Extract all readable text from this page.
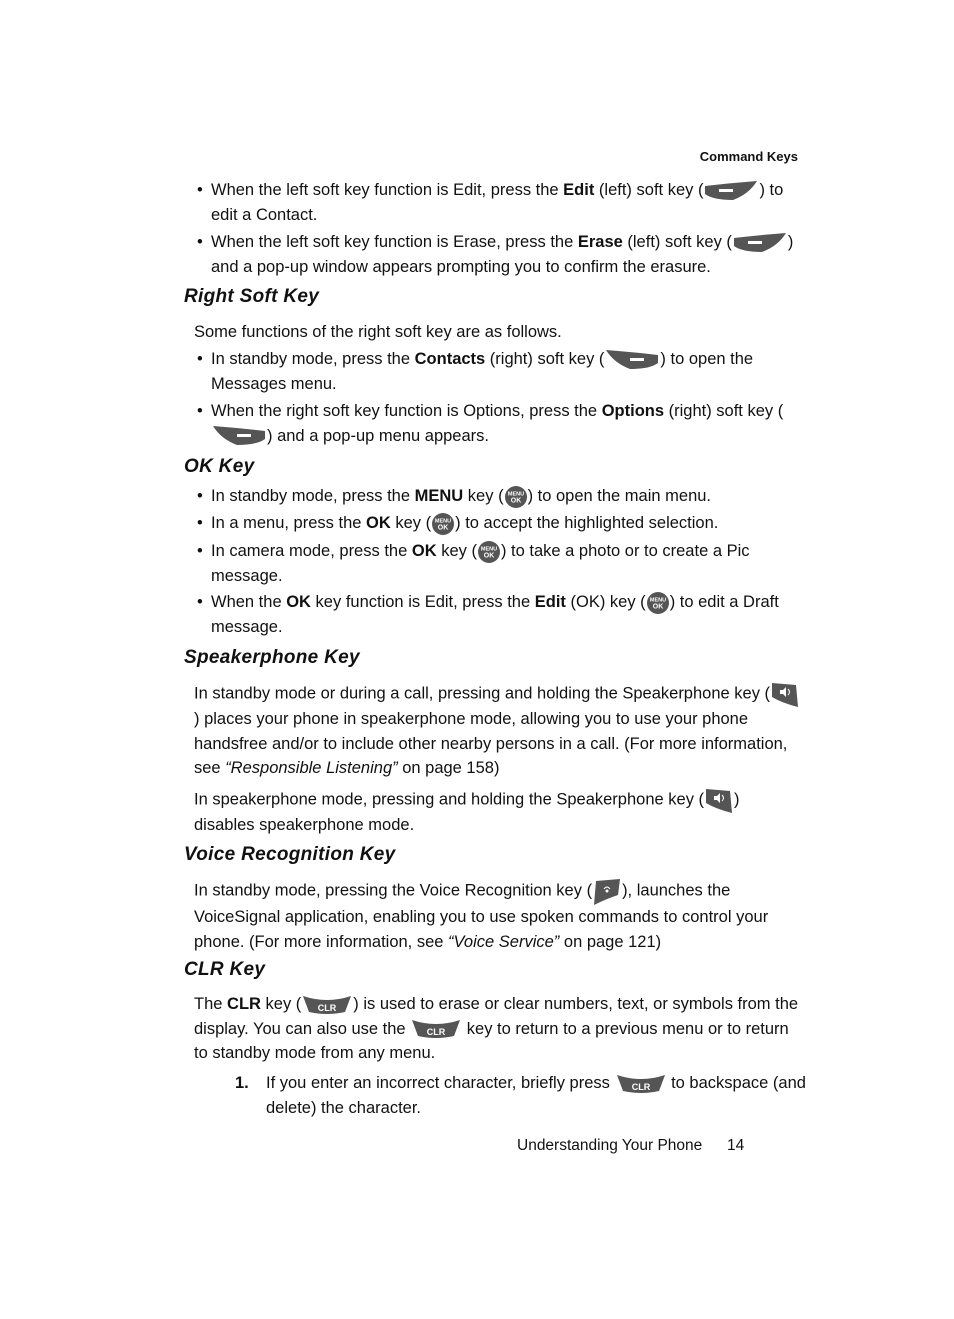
Command Keys
• When the left soft key function is Edit, press the Edit (left) soft key (	) to edit a Contact.
• When the left soft key function is Erase, press the Erase (left) soft key (	) and a pop-up window appears prompting you to confirm the erasure.
Right Soft Key
Some functions of the right soft key are as follows.
• In standby mode, press the Contacts (right) soft key (	) to open the Messages menu.
• When the right soft key function is Options, press the Options (right) soft key () and a pop-up menu appears.
OK Key
• In standby mode, press the MENU key ( MENU
OK ) to open the main menu.
• In a menu, press the OK key ( MENU
OK ) to accept the highlighted selection.
• In camera mode, press the OK key ( MENU
OK ) to take a photo or to create a Pic message.
• When the OK key function is Edit, press the Edit (OK) key ( MENU
OK ) to edit a Draft message.
Speakerphone Key
In standby mode or during a call, pressing and holding the Speakerphone key () places your phone in speakerphone mode, allowing you to use your phone handsfree and/or to include other nearby persons in a call. (For more information, see “Responsible Listening” on page 158)
In speakerphone mode, pressing and holding the Speakerphone key ( ) disables speakerphone mode.
Voice Recognition Key
In standby mode, pressing the Voice Recognition key ( ), launches the VoiceSignal application, enabling you to use spoken commands to control your phone. (For more information, see “Voice Service” on page 121)
CLR Key
The CLR key ( CLR ) is used to erase or clear numbers, text, or symbols from the display. You can also use the CLR key to return to a previous menu or to return to standby mode from any menu.
1. If you enter an incorrect character, briefly press CLR to backspace (and delete) the character.
Understanding Your Phone 14
